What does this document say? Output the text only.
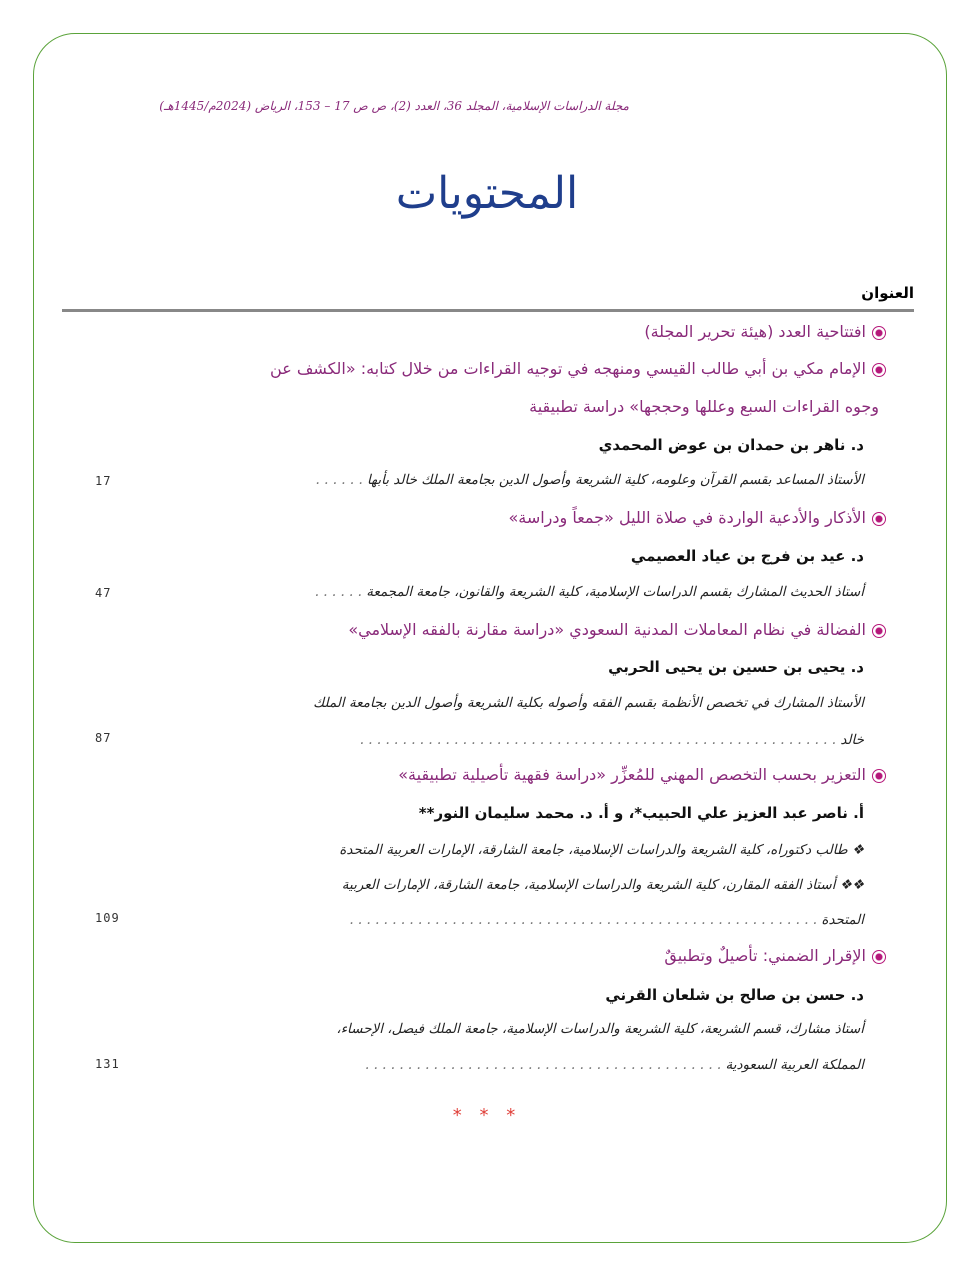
مجلة الدراسات الإسلامية، المجلد 36، العدد (2)، ص ص 17 – 153، الرياض (2024م/1445هـ)
المحتويات
العنوان
افتتاحية العدد (هيئة تحرير المجلة)
الإمام مكي بن أبي طالب القيسي ومنهجه في توجيه القراءات من خلال كتابه: «الكشف عن
وجوه القراءات السبع وعللها وحججها» دراسة تطبيقية
د. ناهر بن حمدان بن عوض المحمدي
الأستاذ المساعد بقسم القرآن وعلومه، كلية الشريعة وأصول الدين بجامعة الملك خالد بأبها . . . . . .
17
الأذكار والأدعية الواردة في صلاة الليل «جمعاً ودراسة»
د. عيد بن فرج بن عياد العصيمي
أستاذ الحديث المشارك بقسم الدراسات الإسلامية، كلية الشريعة والقانون، جامعة المجمعة . . . . . .
47
الفضالة في نظام المعاملات المدنية السعودي «دراسة مقارنة بالفقه الإسلامي»
د. يحيى بن حسين بن يحيى الحربي
الأستاذ المشارك في تخصص الأنظمة بقسم الفقه وأصوله بكلية الشريعة وأصول الدين بجامعة الملك
خالد . . . . . . . . . . . . . . . . . . . . . . . . . . . . . . . . . . . . . . . . . . . . . . . . . . . . . . . .
87
التعزير بحسب التخصص المهني للمُعزِّر «دراسة فقهية تأصيلية تطبيقية»
أ. ناصر عبد العزيز علي الحبيب*، و أ. د. محمد سليمان النور**
❖ طالب دكتوراه، كلية الشريعة والدراسات الإسلامية، جامعة الشارقة، الإمارات العربية المتحدة
❖❖ أستاذ الفقه المقارن، كلية الشريعة والدراسات الإسلامية، جامعة الشارقة، الإمارات العربية
المتحدة . . . . . . . . . . . . . . . . . . . . . . . . . . . . . . . . . . . . . . . . . . . . . . . . . . . . . . .
109
الإقرار الضمني: تأصيلٌ وتطبيقٌ
د. حسن بن صالح بن شلعان القرني
أستاذ مشارك، قسم الشريعة، كلية الشريعة والدراسات الإسلامية، جامعة الملك فيصل، الإحساء،
المملكة العربية السعودية . . . . . . . . . . . . . . . . . . . . . . . . . . . . . . . . . . . . . . . . . .
131
* * *
